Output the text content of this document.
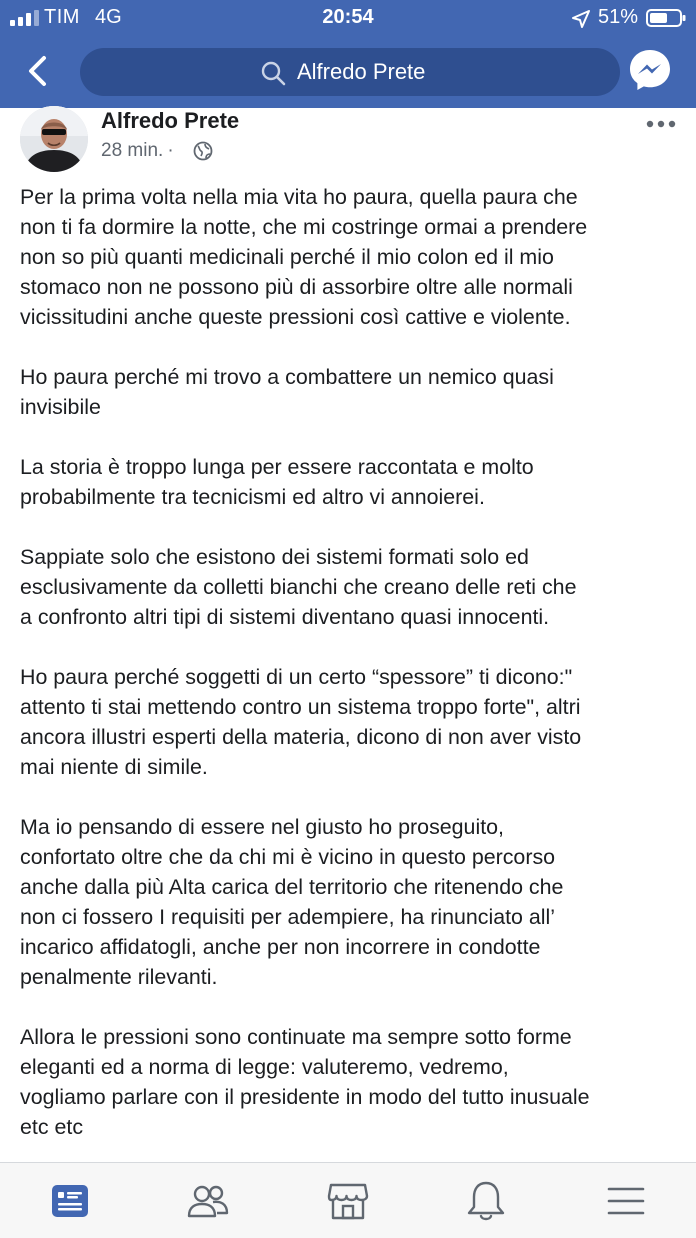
TIM 4G	20:54	51%
Alfredo Prete
Alfredo Prete
28 min. ·

Per la prima volta nella mia vita ho paura, quella paura che
non ti fa dormire la notte, che mi costringe ormai a prendere
non so più quanti medicinali perché il mio colon ed il mio
stomaco non ne possono più di assorbire oltre alle normali
vicissitudini anche queste pressioni così cattive e violente.

Ho paura perché mi trovo a combattere un nemico quasi
invisibile

La storia è troppo lunga per essere raccontata e molto
probabilmente tra tecnicismi ed altro vi annoierei.

Sappiate solo che esistono dei sistemi formati solo ed
esclusivamente da colletti bianchi che creano delle reti che
a confronto altri tipi di sistemi diventano quasi innocenti.

Ho paura perché soggetti di un certo “spessore” ti dicono:"
attento ti stai mettendo contro un sistema troppo forte", altri
ancora illustri esperti della materia, dicono di non aver visto
mai niente di simile.

Ma io pensando di essere nel giusto ho proseguito,
confortato oltre che da chi mi è vicino in questo percorso
anche dalla più Alta carica del territorio che ritenendo che
non ci fossero I requisiti per adempiere, ha rinunciato all’
incarico affidatogli, anche per non incorrere in condotte
penalmente rilevanti.

Allora le pressioni sono continuate ma sempre sotto forme
eleganti ed a norma di legge: valuteremo, vedremo,
vogliamo parlare con il presidente in modo del tutto inusuale
etc etc
